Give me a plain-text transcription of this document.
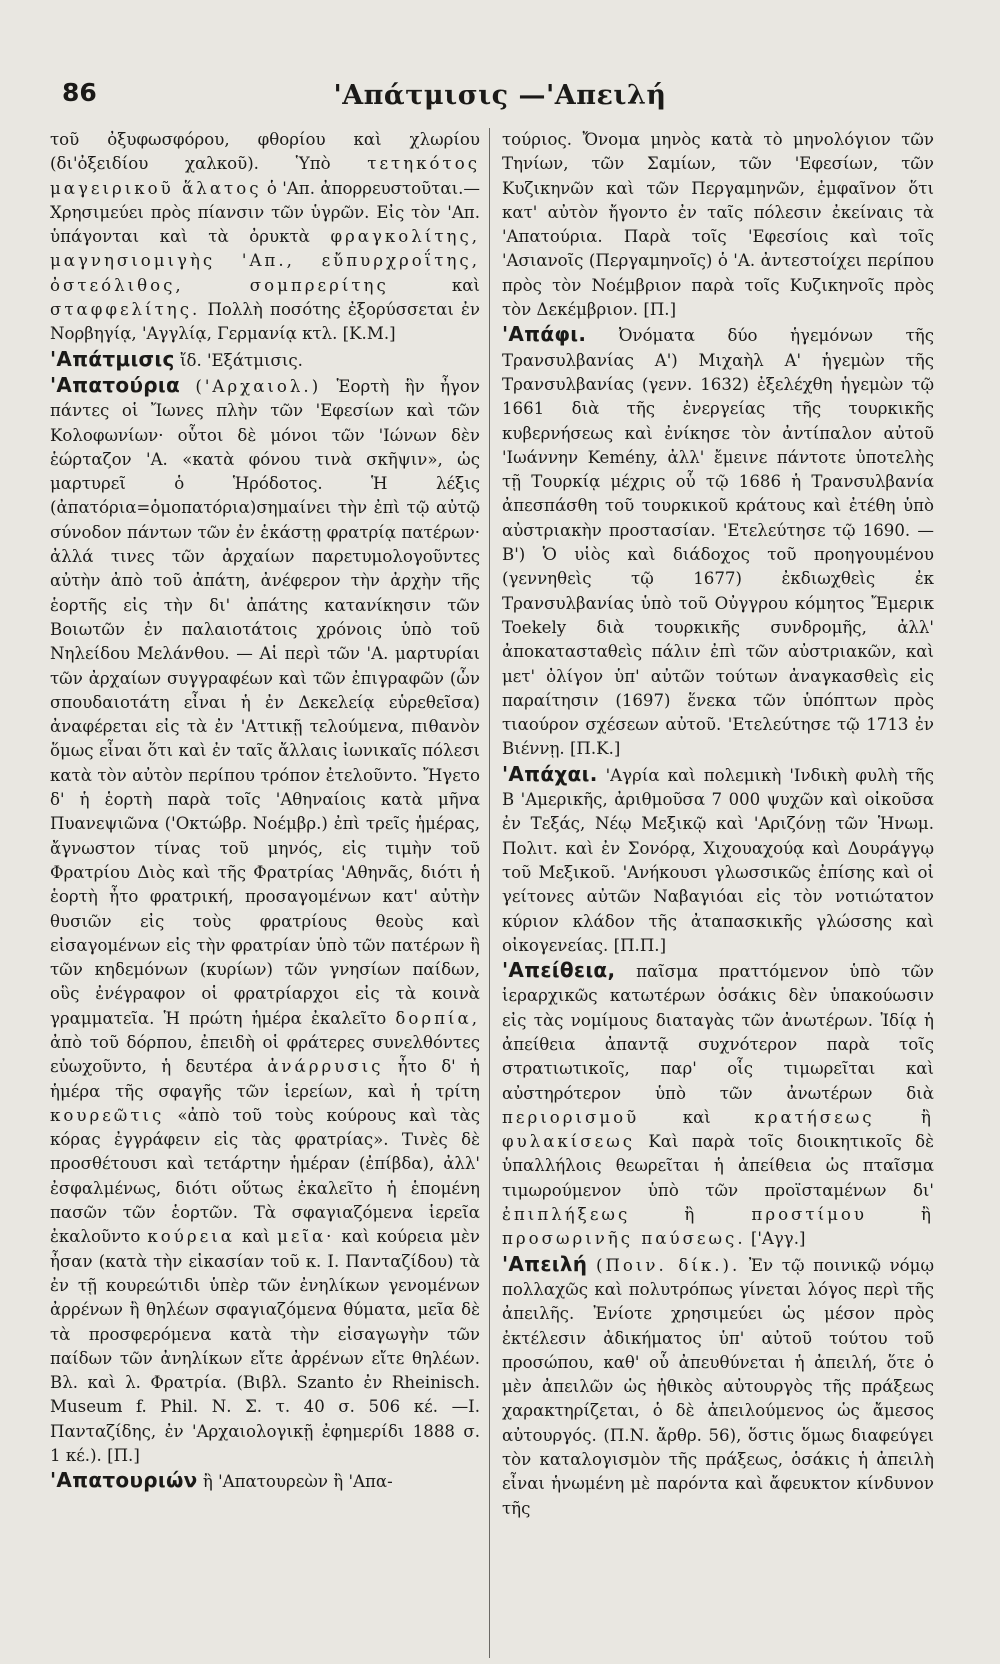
86	'Απάτμισις —'Απειλή

τοῦ ὀξυφωσφόρου, φθορίου καὶ χλωρίου (δι'ὀξειδίου χαλκοῦ). Ὑπὸ τετηκότος μαγειρικοῦ ἅλατος ὁ 'Απ. ἀπορρευστοῦται.— Χρησιμεύει πρὸς πίανσιν τῶν ὑγρῶν. Εἰς τὸν 'Απ. ὑπάγονται καὶ τὰ ὀρυκτὰ φραγκολίτης, μαγνησιομιγὴς 'Απ., εὔπυρχροΐτης, ὀστεόλιθος, σομπρερίτης	καὶ σταφφελίτης. Πολλὴ ποσότης ἐξορύσσεται ἐν Νορβηγίᾳ, 'Αγγλίᾳ, Γερμανίᾳ κτλ. [Κ.Μ.]

'Απάτμισις ἴδ. 'Εξάτμισις.

'Απατούρια ('Αρχαιολ.) Ἑορτὴ ἣν ἦγον πάντες οἱ Ἴωνες πλὴν τῶν 'Εφεσίων καὶ τῶν Κολοφωνίων· οὗτοι δὲ μόνοι τῶν 'Ιώνων δὲν ἑώρταζον 'Α. «κατὰ φόνου τινὰ σκῆψιν», ὡς μαρτυρεῖ ὁ Ἡρόδοτος. Ἡ λέξις (ἀπατόρια=ὁμοπατόρια)σημαίνει τὴν ἐπὶ τῷ αὐτῷ σύνοδον πάντων τῶν ἐν ἑκάστῃ φρατρίᾳ πατέρων· ἀλλά τινες τῶν ἀρχαίων παρετυμολογοῦντες αὐτὴν ἀπὸ τοῦ ἀπάτη, ἀνέφερον τὴν ἀρχὴν τῆς ἑορτῆς εἰς τὴν δι' ἀπάτης κατανίκησιν τῶν Βοιωτῶν ἐν παλαιοτάτοις χρόνοις ὑπὸ τοῦ Νηλείδου Μελάνθου. — Αἱ περὶ τῶν 'Α. μαρτυρίαι τῶν ἀρχαίων συγγραφέων καὶ τῶν ἐπιγραφῶν (ὧν σπουδαιοτάτη εἶναι ἡ ἐν Δεκελείᾳ εὑρεθεῖσα) ἀναφέρεται εἰς τὰ ἐν 'Αττικῇ τελούμενα, πιθανὸν ὅμως εἶναι ὅτι καὶ ἐν ταῖς ἄλλαις ἰωνικαῖς πόλεσι κατὰ τὸν αὐτὸν περίπου τρόπον ἐτελοῦντο. Ἤγετο δ' ἡ ἑορτὴ παρὰ τοῖς 'Αθηναίοις κατὰ μῆνα Πυανεψιῶνα ('Οκτώβρ. Νοέμβρ.) ἐπὶ τρεῖς ἡμέρας, ἄγνωστον τίνας τοῦ μηνός, εἰς τιμὴν τοῦ Φρατρίου Διὸς καὶ τῆς Φρατρίας 'Αθηνᾶς, διότι ἡ ἑορτὴ ἦτο φρατρική, προσαγομένων κατ' αὐτὴν θυσιῶν εἰς τοὺς φρατρίους θεοὺς καὶ εἰσαγομένων εἰς τὴν φρατρίαν ὑπὸ τῶν πατέρων ἢ τῶν κηδεμόνων (κυρίων) τῶν γνησίων παίδων, οὓς ἐνέγραφον οἱ φρατρίαρχοι εἰς τὰ κοινὰ γραμματεῖα. Ἡ πρώτη ἡμέρα ἐκαλεῖτο δορπία, ἀπὸ τοῦ δόρπου, ἐπειδὴ οἱ φράτερες συνελθόντες εὐωχοῦντο, ἡ δευτέρα ἀνάρρυσις ἦτο δ' ἡ ἡμέρα τῆς σφαγῆς τῶν ἱερείων, καὶ ἡ τρίτη κουρεῶτις «ἀπὸ τοῦ τοὺς κούρους καὶ τὰς κόρας ἐγγράφειν εἰς τὰς φρατρίας». Τινὲς δὲ προσθέτουσι καὶ τετάρτην ἡμέραν (ἐπίβδα), ἀλλ' ἐσφαλμένως, διότι οὕτως ἐκαλεῖτο ἡ ἑπομένη πασῶν τῶν ἑορτῶν. Τὰ σφαγιαζόμενα ἱερεῖα ἐκαλοῦντο κούρεια καὶ μεῖα· καὶ κούρεια μὲν ἦσαν (κατὰ τὴν εἰκασίαν τοῦ κ. Ι. Πανταζίδου) τὰ ἐν τῇ κουρεώτιδι ὑπὲρ τῶν ἐνηλίκων γενομένων ἀρρένων ἢ θηλέων σφαγιαζόμενα θύματα, μεῖα δὲ τὰ προσφερόμενα κατὰ τὴν εἰσαγωγὴν τῶν παίδων τῶν ἀνηλίκων εἴτε ἀρρένων εἴτε θηλέων. Βλ. καὶ λ. Φρατρία. (Βιβλ. Szanto ἐν Rheinisch. Museum f. Phil. Ν. Σ. τ. 40 σ. 506 κέ. —Ι. Πανταζίδης, ἐν 'Αρχαιολογικῇ ἐφημερίδι 1888 σ. 1 κέ.). [Π.]

'Απατουριών ἢ 'Απατουρεὼν ἢ 'Απα-

τούριος. Ὄνομα μηνὸς κατὰ τὸ μηνολόγιον τῶν Τηνίων, τῶν Σαμίων, τῶν 'Εφεσίων, τῶν Κυζικηνῶν καὶ τῶν Περγαμηνῶν, ἐμφαῖνον ὅτι κατ' αὐτὸν ἤγοντο ἐν ταῖς πόλεσιν ἐκείναις τὰ 'Απατούρια. Παρὰ τοῖς 'Εφεσίοις καὶ τοῖς 'Ασιανοῖς (Περγαμηνοῖς) ὁ 'Α. ἀντεστοίχει περίπου πρὸς τὸν Νοέμβριον παρὰ τοῖς Κυζικηνοῖς πρὸς τὸν Δεκέμβριον. [Π.]

'Απάφι. Ὀνόματα δύο ἡγεμόνων τῆς Τρανσυλβανίας Α') Μιχαὴλ Α' ἡγεμὼν τῆς Τρανσυλβανίας (γενν. 1632) ἐξελέχθη ἡγεμὼν τῷ 1661 διὰ τῆς ἐνεργείας τῆς τουρκικῆς κυβερνήσεως καὶ ἐνίκησε τὸν ἀντίπαλον αὐτοῦ 'Ιωάννην Kemény, ἀλλ' ἔμεινε πάντοτε ὑποτελὴς τῇ Τουρκίᾳ μέχρις οὗ τῷ 1686 ἡ Τρανσυλβανία ἀπεσπάσθη τοῦ τουρκικοῦ κράτους καὶ ἐτέθη ὑπὸ αὐστριακὴν προστασίαν. 'Ετελεύτησε τῷ 1690. — Β') Ὁ υἱὸς καὶ διάδοχος τοῦ προηγουμένου (γεννηθεὶς τῷ 1677) ἐκδιωχθεὶς ἐκ Τρανσυλβανίας ὑπὸ τοῦ Οὐγγρου κόμητος Ἔμερικ Toekely διὰ τουρκικῆς συνδρομῆς, ἀλλ' ἀποκατασταθεὶς πάλιν ἐπὶ τῶν αὐστριακῶν, καὶ μετ' ὀλίγον ὑπ' αὐτῶν τούτων ἀναγκασθεὶς εἰς παραίτησιν (1697) ἕνεκα τῶν ὑπόπτων πρὸς τιαούρον σχέσεων αὐτοῦ. 'Ετελεύτησε τῷ 1713 ἐν Βιέννῃ. [Π.Κ.]

'Απάχαι. 'Αγρία καὶ πολεμικὴ 'Ινδικὴ φυλὴ τῆς Β 'Αμερικῆς, ἀριθμοῦσα 7 000 ψυχῶν καὶ οἰκοῦσα ἐν Τεξάς, Νέῳ Μεξικῷ καὶ 'Αριζόνῃ τῶν Ἡνωμ. Πολιτ. καὶ ἐν Σονόρᾳ, Χιχουαχούᾳ καὶ Δουράγγῳ τοῦ Μεξικοῦ. 'Ανήκουσι γλωσσικῶς ἐπίσης καὶ οἱ γείτονες αὐτῶν Ναβαγιόαι εἰς τὸν νοτιώτατον κύριον κλάδον τῆς ἀταπασκικῆς γλώσσης καὶ οἰκογενείας. [Π.Π.]

'Απείθεια, παῖσμα πραττόμενον ὑπὸ τῶν ἱεραρχικῶς κατωτέρων ὁσάκις δὲν ὑπακούωσιν εἰς τὰς νομίμους διαταγὰς τῶν ἀνωτέρων. Ἰδίᾳ ἡ ἀπείθεια ἀπαντᾷ συχνότερον παρὰ τοῖς στρατιωτικοῖς, παρ' οἷς τιμωρεῖται καὶ αὐστηρότερον ὑπὸ τῶν ἀνωτέρων διὰ περιορισμοῦ	καὶ	κρατήσεως ἢ φυλακίσεως Καὶ παρὰ τοῖς διοικητικοῖς δὲ ὑπαλλήλοις θεωρεῖται ἡ ἀπείθεια ὡς πταῖσμα τιμωρούμενον ὑπὸ τῶν προϊσταμένων δι' ἐπιπλήξεως ἢ προστίμου ἢ προσωρινῆς παύσεως. ['Αγγ.]

'Απειλή (Ποιν. δίκ.). Ἐν τῷ ποινικῷ νόμῳ πολλαχῶς καὶ πολυτρόπως γίνεται λόγος περὶ τῆς ἀπειλῆς. Ἐνίοτε χρησιμεύει ὡς μέσον πρὸς ἐκτέλεσιν ἀδικήματος ὑπ' αὐτοῦ τούτου τοῦ προσώπου, καθ' οὗ ἀπευθύνεται ἡ ἀπειλή, ὅτε ὁ μὲν ἀπειλῶν ὡς ἠθικὸς αὐτουργὸς τῆς πράξεως χαρακτηρίζεται, ὁ δὲ ἀπειλούμενος ὡς ἄμεσος αὐτουργός. (Π.Ν. ἄρθρ. 56), ὅστις ὅμως διαφεύγει τὸν καταλογισμὸν τῆς πράξεως, ὁσάκις ἡ ἀπειλὴ εἶναι ἡνωμένη μὲ παρόντα καὶ ἄφευκτον κίνδυνον τῆς
